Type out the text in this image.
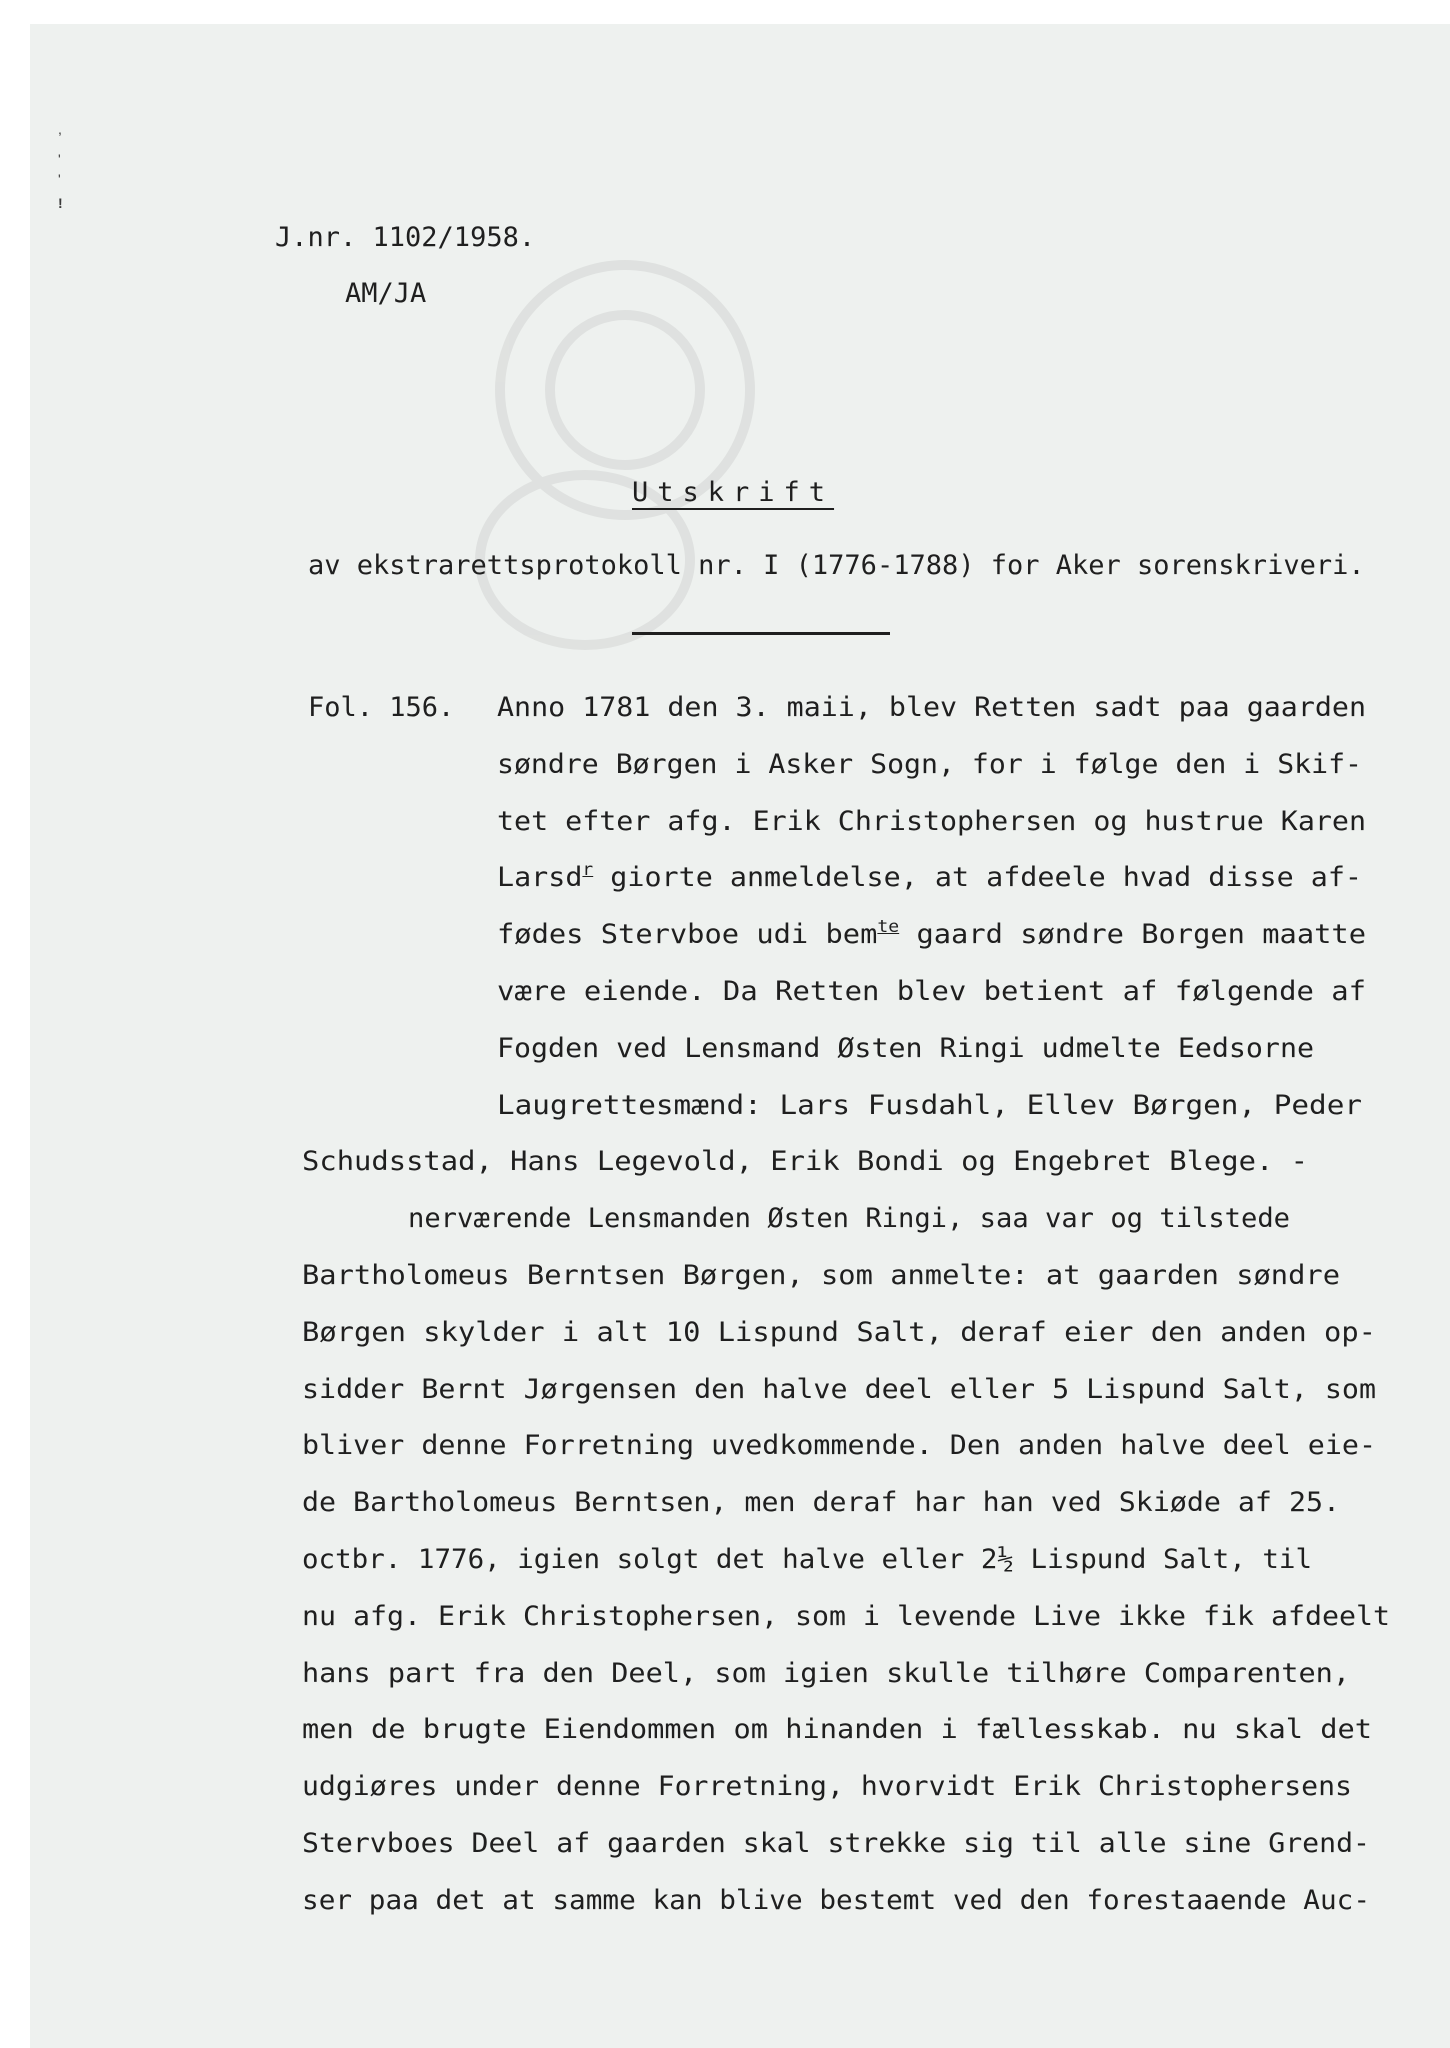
,
'
'
!

J.nr. 1102/1958.

AM/JA

Utskrift

av ekstrarettsprotokoll nr. I (1776-1788) for Aker sorenskriveri.

Fol. 156. Anno 1781 den 3. maii, blev Retten sadt paa gaarden

søndre Børgen i Asker Sogn, for i følge den i Skif-

tet efter afg. Erik Christophersen og hustrue Karen

Larsd$^r$ giorte anmeldelse, at afdeele hvad disse af-

fødes Stervboe udi bem$^{te}$ gaard søndre Borgen maatte

være eiende. Da Retten blev betient af følgende af

Fogden ved Lensmand Østen Ringi udmelte Eedsorne

Laugrettesmænd: Lars Fusdahl, Ellev Børgen, Peder

Schudsstad, Hans Legevold, Erik Bondi og Engebret Blege. -

nerværende Lensmanden Østen Ringi, saa var og tilstede

Bartholomeus Berntsen Børgen, som anmelte: at gaarden søndre

Børgen skylder i alt 10 Lispund Salt, deraf eier den anden op-

sidder Bernt Jørgensen den halve deel eller 5 Lispund Salt, som

bliver denne Forretning uvedkommende. Den anden halve deel eie-

de Bartholomeus Berntsen, men deraf har han ved Skiøde af 25.

octbr. 1776, igien solgt det halve eller 2½ Lispund Salt, til

nu afg. Erik Christophersen, som i levende Live ikke fik afdeelt

hans part fra den Deel, som igien skulle tilhøre Comparenten,

men de brugte Eiendommen om hinanden i fællesskab. nu skal det

udgiøres under denne Forretning, hvorvidt Erik Christophersens

Stervboes Deel af gaarden skal strekke sig til alle sine Grend-

ser paa det at samme kan blive bestemt ved den forestaaende Auc-
